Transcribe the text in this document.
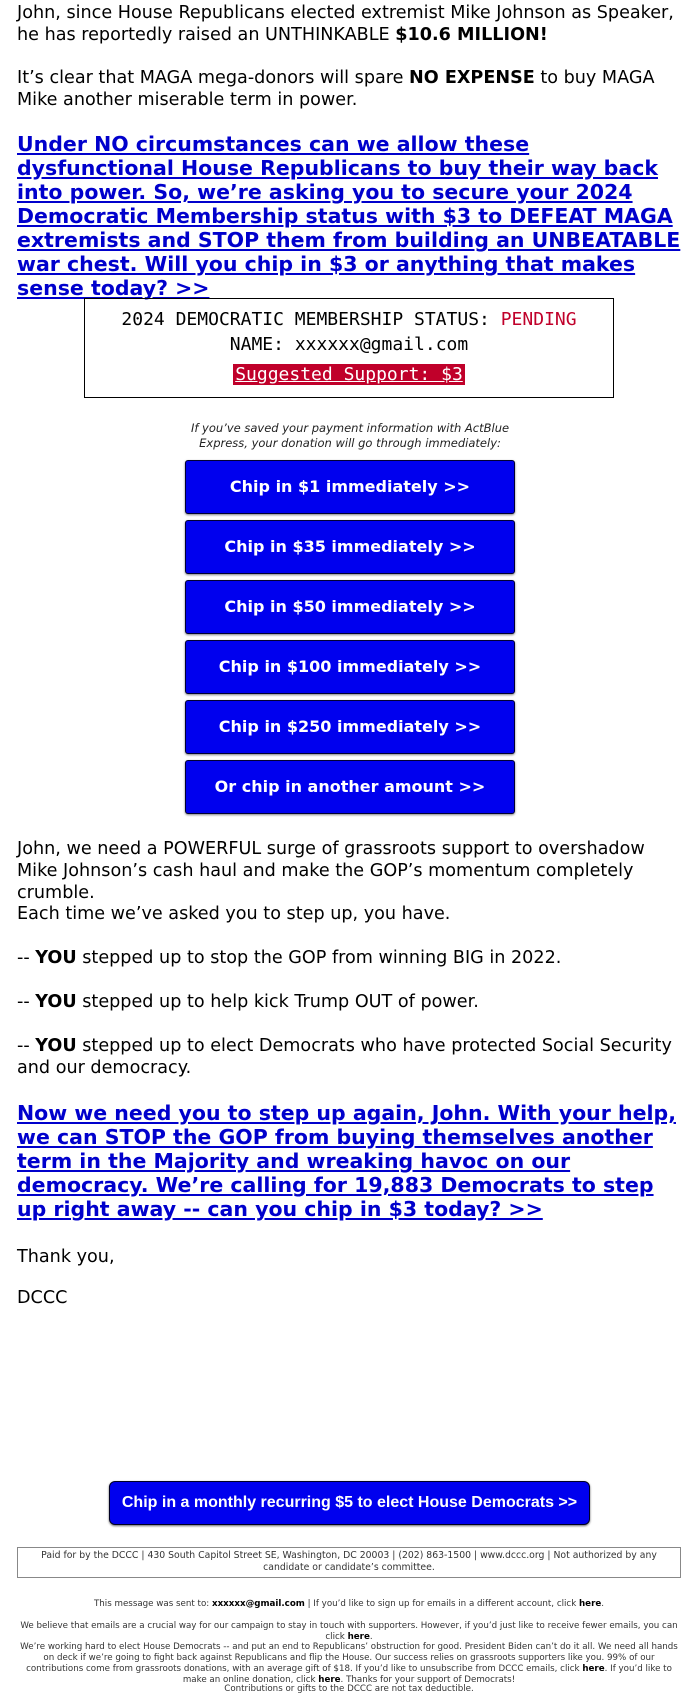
John, since House Republicans elected extremist Mike Johnson as Speaker, he has reportedly raised an UNTHINKABLE $10.6 MILLION!

It’s clear that MAGA mega-donors will spare NO EXPENSE to buy MAGA Mike another miserable term in power.

Under NO circumstances can we allow these dysfunctional House Republicans to buy their way back into power. So, we’re asking you to secure your 2024 Democratic Membership status with $3 to DEFEAT MAGA extremists and STOP them from building an UNBEATABLE war chest. Will you chip in $3 or anything that makes sense today? >>
2024 DEMOCRATIC MEMBERSHIP STATUS: PENDING
NAME: xxxxxx@gmail.com
Suggested Support: $3
If you’ve saved your payment information with ActBlue Express, your donation will go through immediately:
Chip in $1 immediately >>
Chip in $35 immediately >>
Chip in $50 immediately >>
Chip in $100 immediately >>
Chip in $250 immediately >>
Or chip in another amount >>

John, we need a POWERFUL surge of grassroots support to overshadow Mike Johnson’s cash haul and make the GOP’s momentum completely crumble.

Each time we’ve asked you to step up, you have.

-- YOU stepped up to stop the GOP from winning BIG in 2022.

-- YOU stepped up to help kick Trump OUT of power.

-- YOU stepped up to elect Democrats who have protected Social Security and our democracy.

Now we need you to step up again, John. With your help, we can STOP the GOP from buying themselves another term in the Majority and wreaking havoc on our democracy. We’re calling for 19,883 Democrats to step up right away -- can you chip in $3 today? >>

Thank you,

DCCC

Chip in a monthly recurring $5 to elect House Democrats >>
Paid for by the DCCC | 430 South Capitol Street SE, Washington, DC 20003 | (202) 863-1500 | www.dccc.org | Not authorized by any candidate or candidate’s committee.
This message was sent to: xxxxxx@gmail.com | If you’d like to sign up for emails in a different account, click here.
We believe that emails are a crucial way for our campaign to stay in touch with supporters. However, if you’d just like to receive fewer emails, you can click here.
We’re working hard to elect House Democrats -- and put an end to Republicans’ obstruction for good. President Biden can’t do it all. We need all hands on deck if we’re going to fight back against Republicans and flip the House. Our success relies on grassroots supporters like you. 99% of our contributions come from grassroots donations, with an average gift of $18. If you’d like to unsubscribe from DCCC emails, click here. If you’d like to make an online donation, click here. Thanks for your support of Democrats!
Contributions or gifts to the DCCC are not tax deductible.
